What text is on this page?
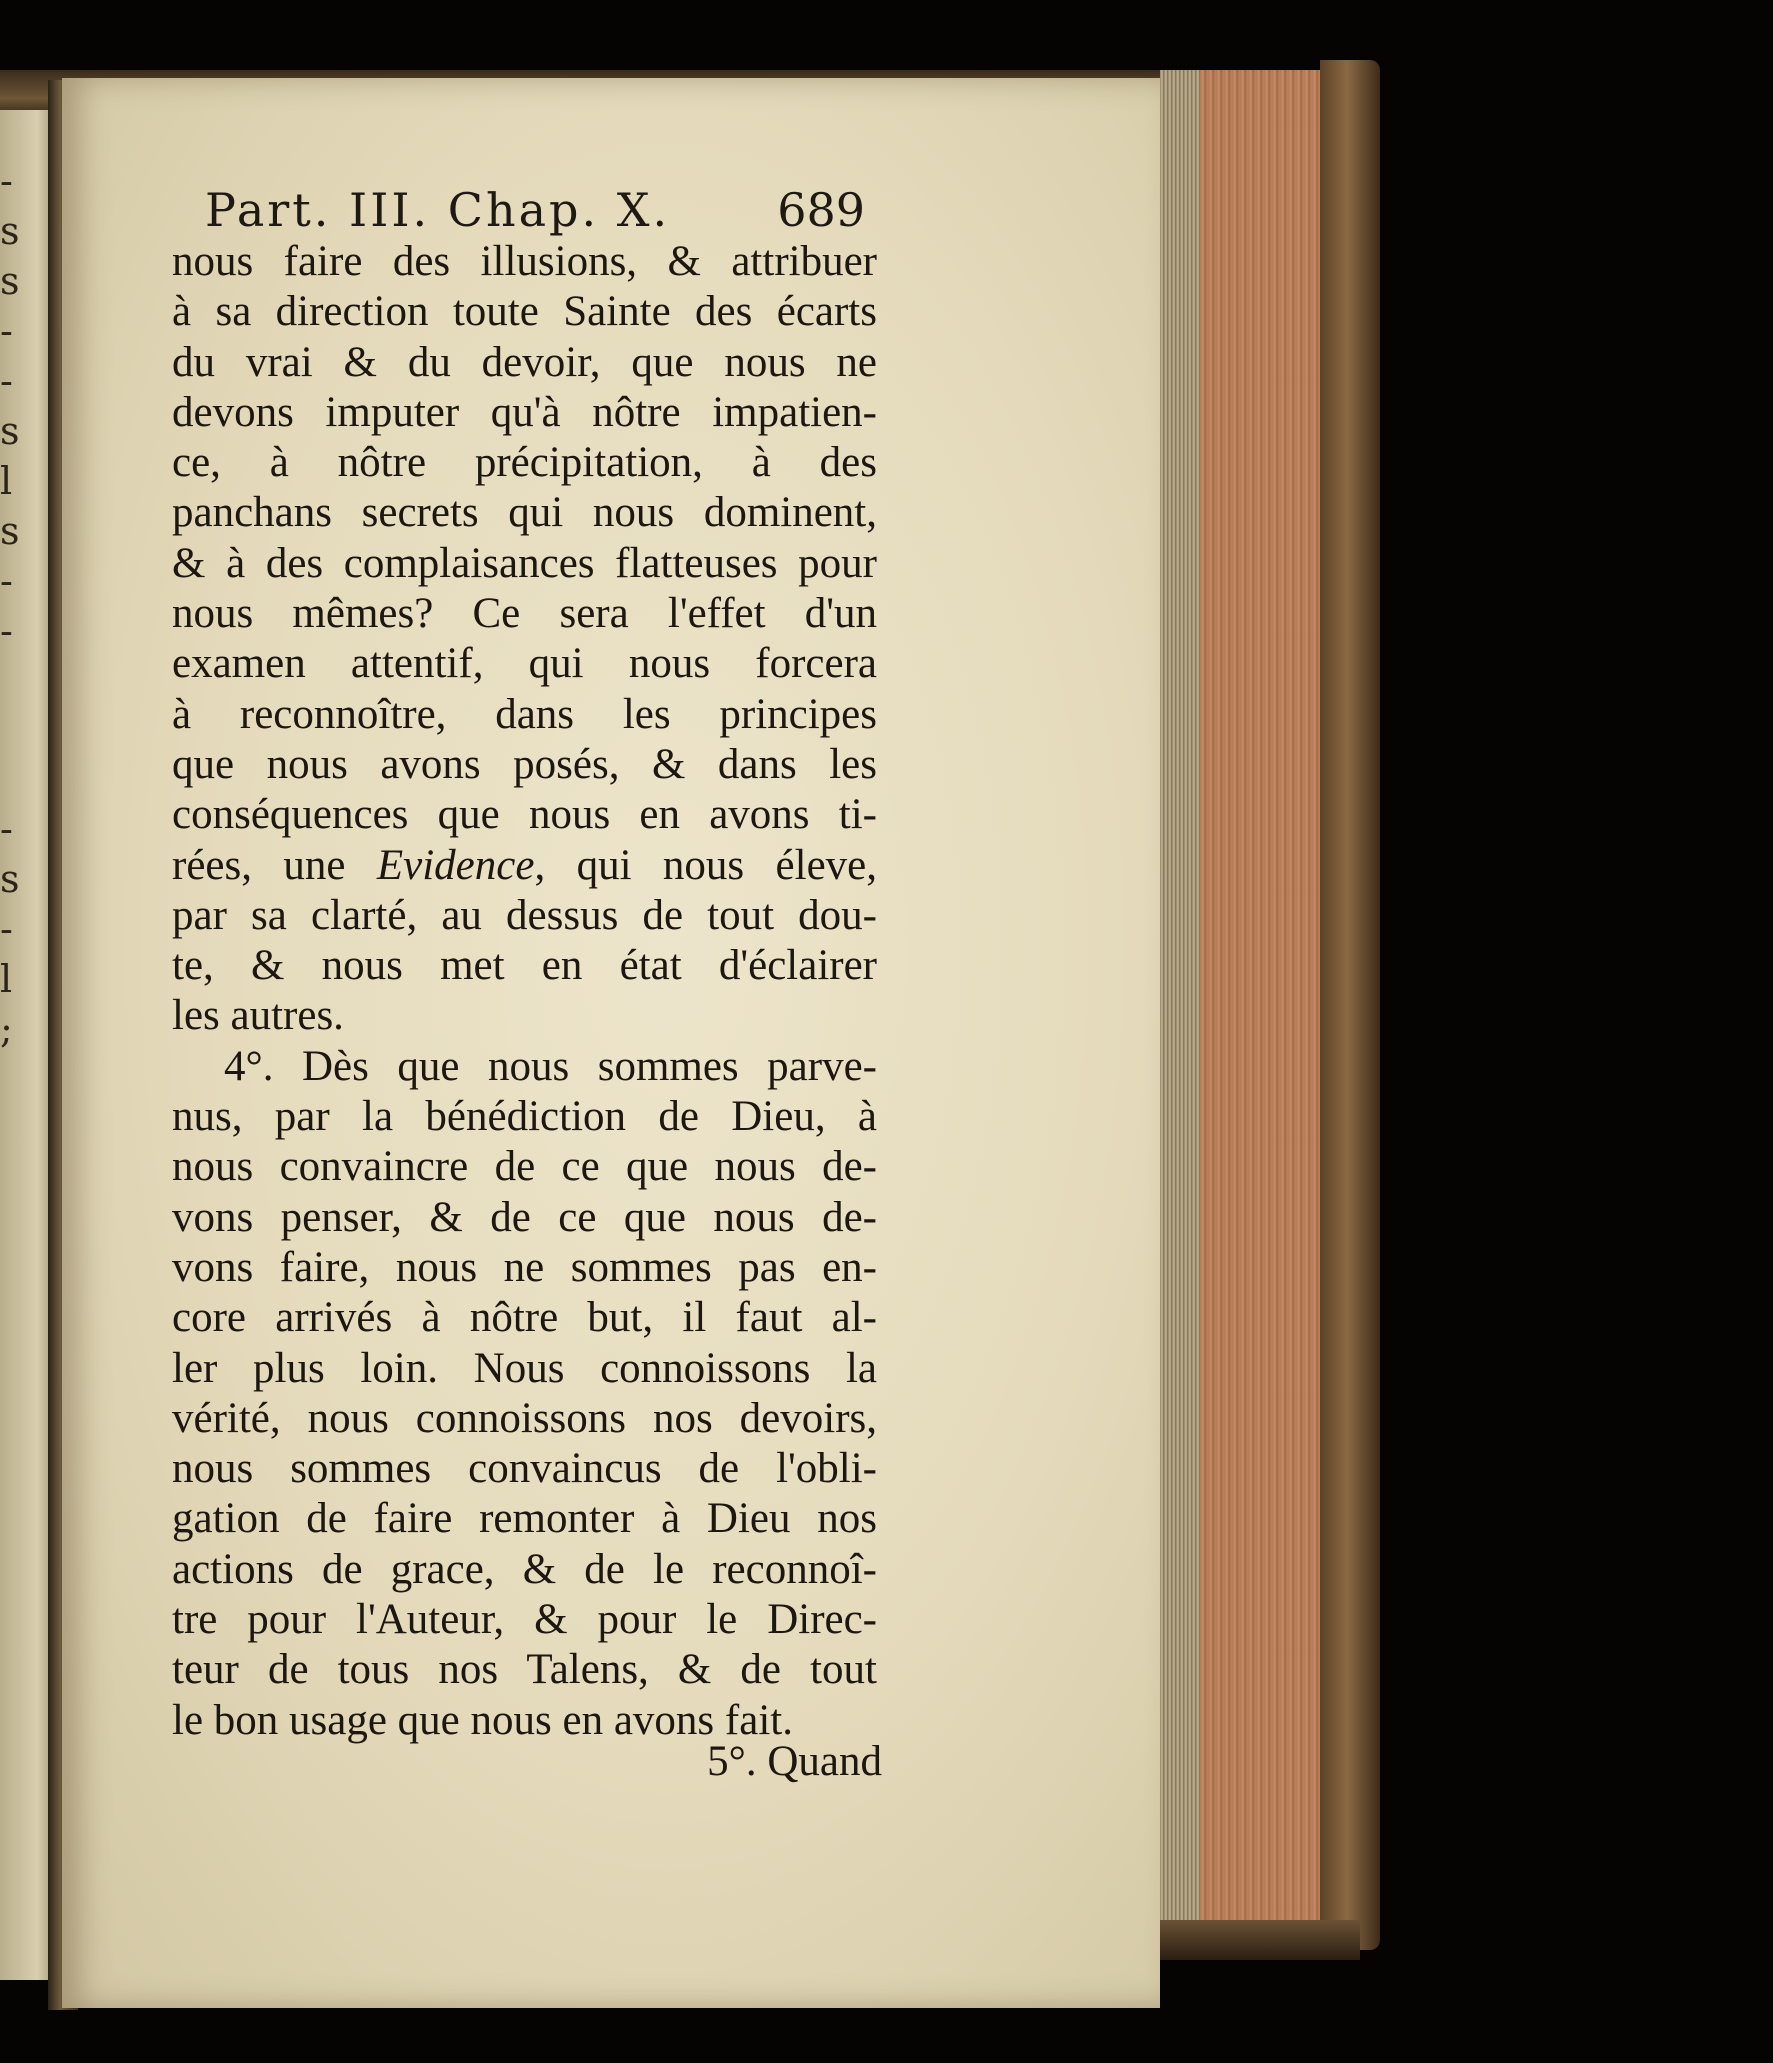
-
s
s
-
-
s
l
s
-
-
-
s
-
l
;
Part. III. Chap. X. 689
nous faire des illusions, & attribuer
à sa direction toute Sainte des écarts
du vrai & du devoir, que nous ne
devons imputer qu'à nôtre impatien-
ce, à nôtre précipitation, à des
panchans secrets qui nous dominent,
& à des complaisances flatteuses pour
nous mêmes? Ce sera l'effet d'un
examen attentif, qui nous forcera
à reconnoître, dans les principes
que nous avons posés, & dans les
conséquences que nous en avons ti-
rées, une Evidence, qui nous éleve,
par sa clarté, au dessus de tout dou-
te, & nous met en état d'éclairer
les autres.
4°. Dès que nous sommes parve-
nus, par la bénédiction de Dieu, à
nous convaincre de ce que nous de-
vons penser, & de ce que nous de-
vons faire, nous ne sommes pas en-
core arrivés à nôtre but, il faut al-
ler plus loin. Nous connoissons la
vérité, nous connoissons nos devoirs,
nous sommes convaincus de l'obli-
gation de faire remonter à Dieu nos
actions de grace, & de le reconnoî-
tre pour l'Auteur, & pour le Direc-
teur de tous nos Talens, & de tout
le bon usage que nous en avons fait.
5°. Quand
